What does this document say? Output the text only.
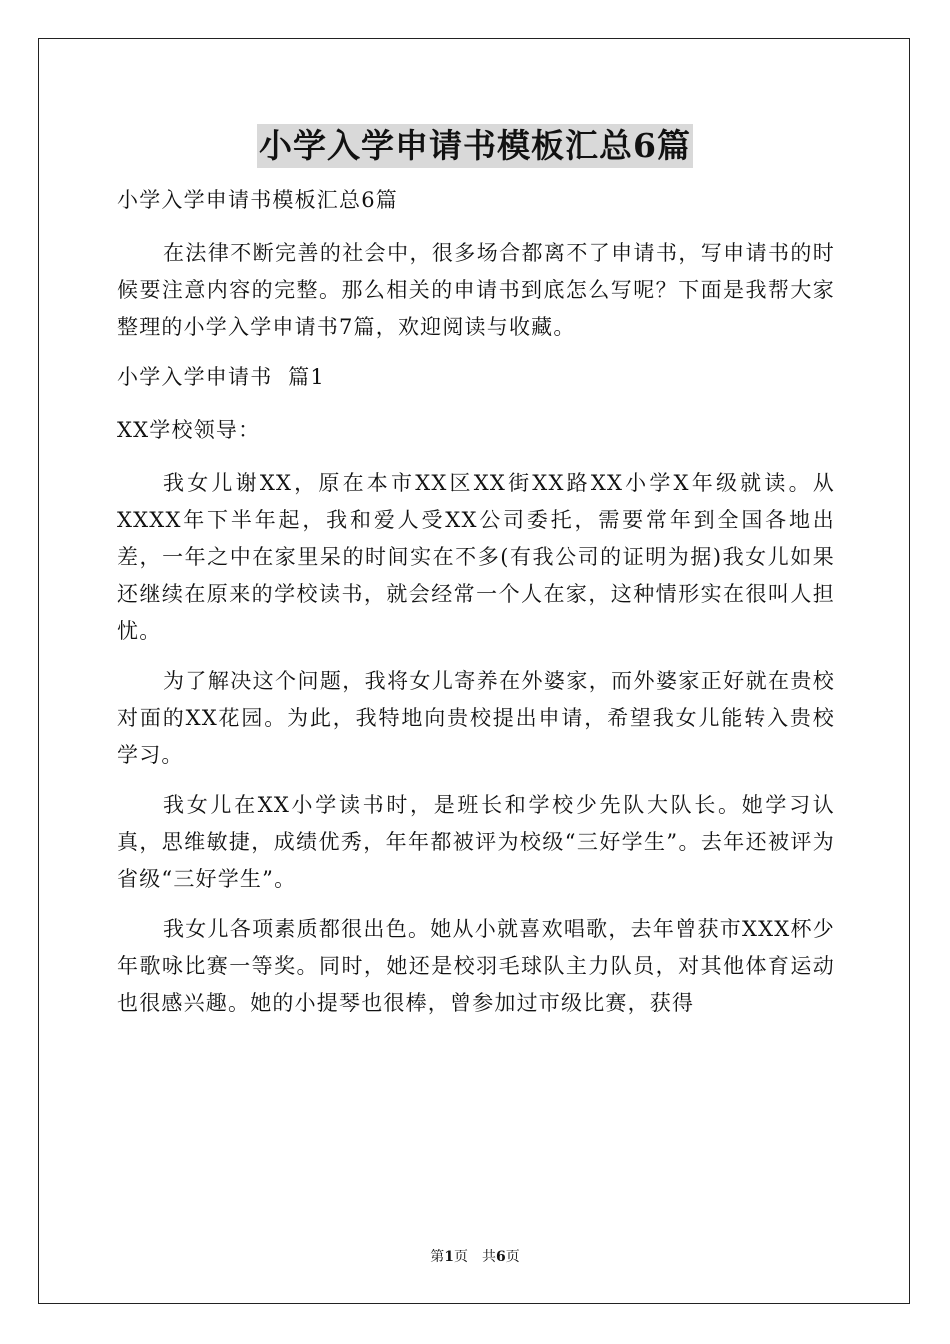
小学入学申请书模板汇总6篇

小学入学申请书模板汇总6篇

在法律不断完善的社会中，很多场合都离不了申请书，写申请书的时候要注意内容的完整。那么相关的申请书到底怎么写呢？下面是我帮大家整理的小学入学申请书7篇，欢迎阅读与收藏。

小学入学申请书  篇1

XX学校领导：

我女儿谢XX，原在本市XX区XX街XX路XX小学X年级就读。从XXXX年下半年起，我和爱人受XX公司委托，需要常年到全国各地出差，一年之中在家里呆的时间实在不多(有我公司的证明为据)我女儿如果还继续在原来的学校读书，就会经常一个人在家，这种情形实在很叫人担忧。

为了解决这个问题，我将女儿寄养在外婆家，而外婆家正好就在贵校对面的XX花园。为此，我特地向贵校提出申请，希望我女儿能转入贵校学习。

我女儿在XX小学读书时，是班长和学校少先队大队长。她学习认真，思维敏捷，成绩优秀，年年都被评为校级“三好学生”。去年还被评为省级“三好学生”。

我女儿各项素质都很出色。她从小就喜欢唱歌，去年曾获市XXX杯少年歌咏比赛一等奖。同时，她还是校羽毛球队主力队员，对其他体育运动也很感兴趣。她的小提琴也很棒，曾参加过市级比赛，获得

第1页 共6页
